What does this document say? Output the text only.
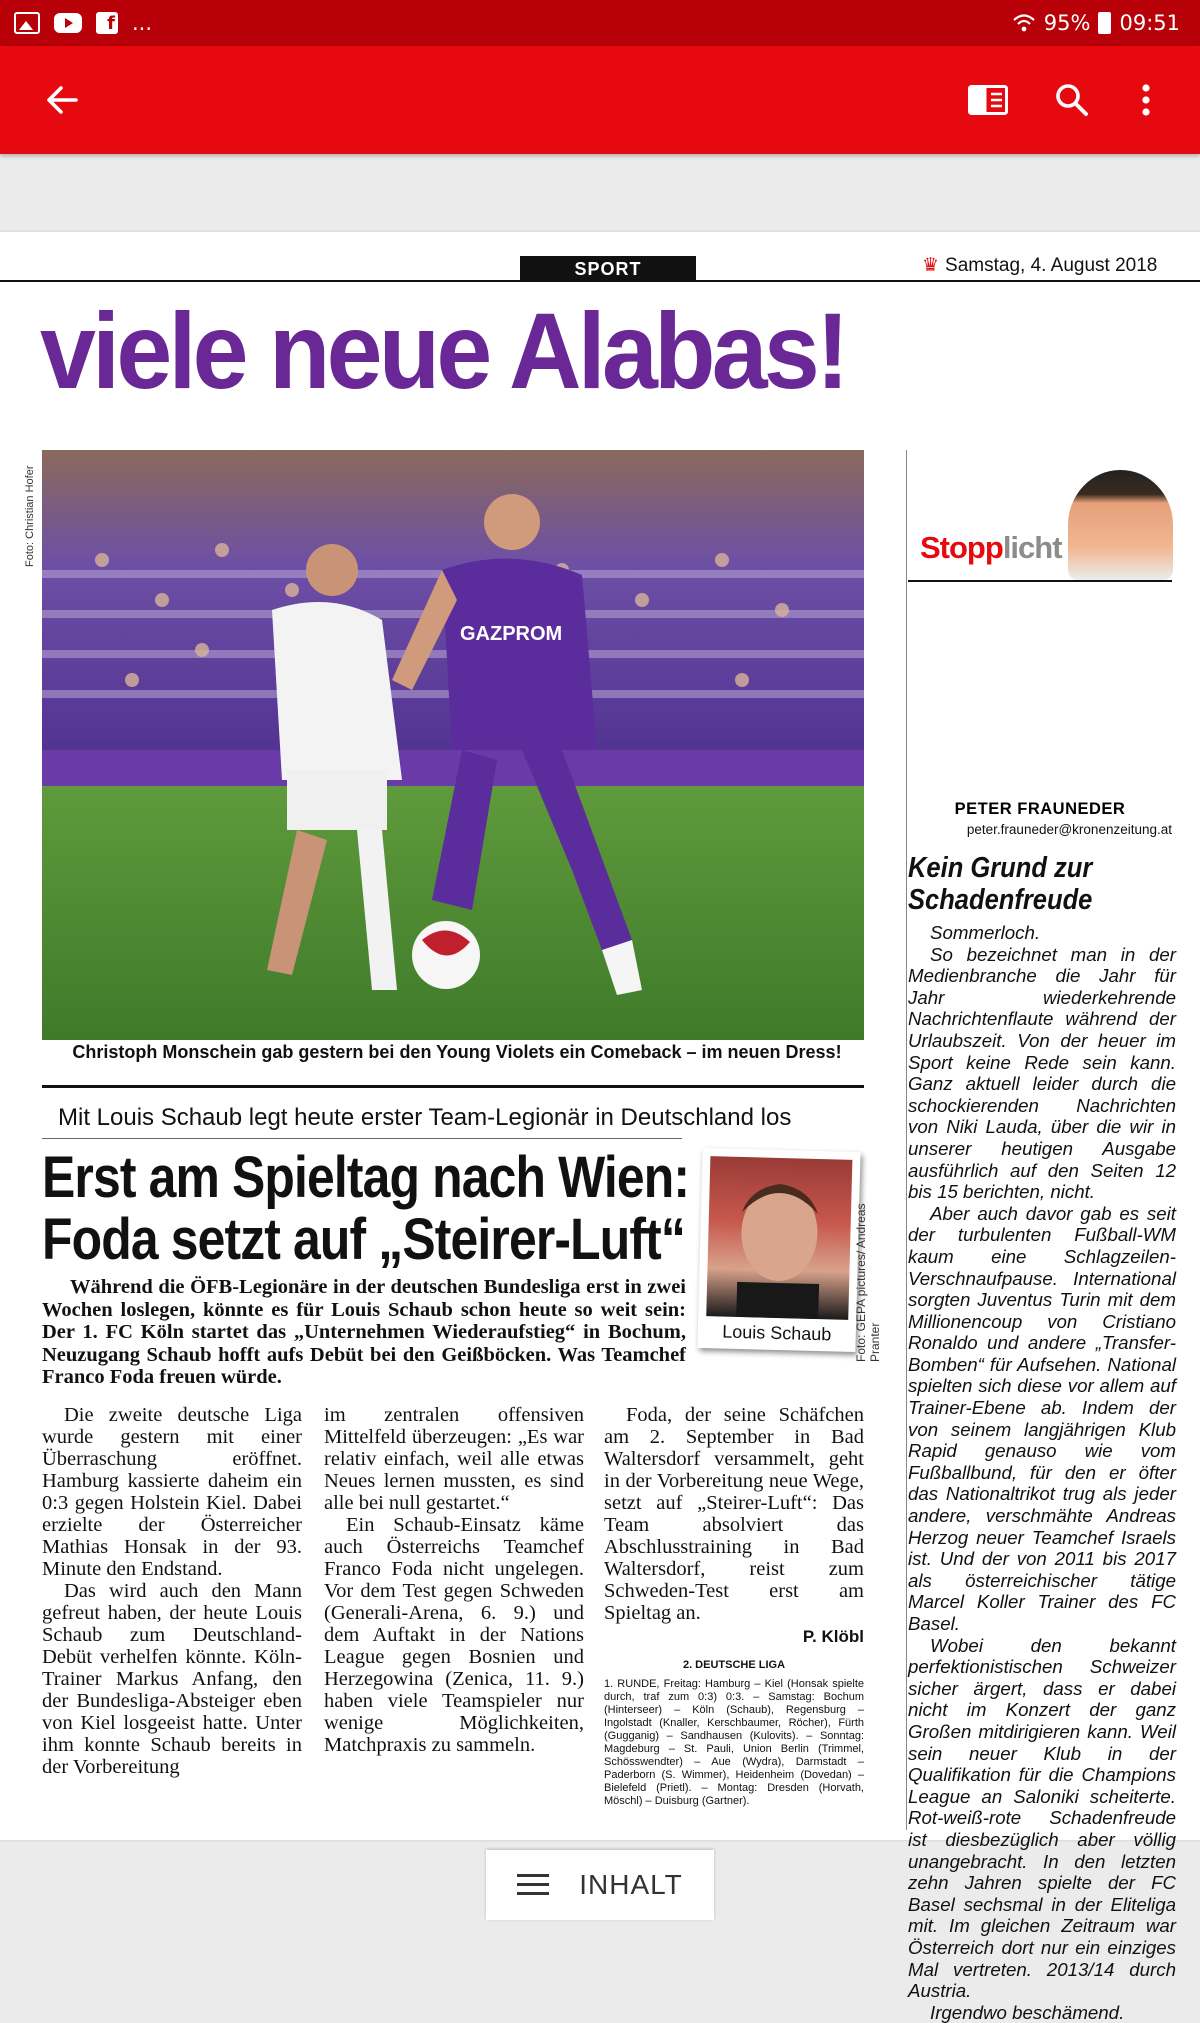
f ...	95% 09:51
SPORT	♛ Samstag, 4. August 2018
viele neue Alabas!
Foto: Christian Hofer
GAZPROM
Christoph Monschein gab gestern bei den Young Violets ein Comeback – im neuen Dress!
Mit Louis Schaub legt heute erster Team-Legionär in Deutschland los
Erst am Spieltag nach Wien:
Foda setzt auf „Steirer-Luft“
Während die ÖFB-Legionäre in der deutschen Bundesliga erst in zwei Wochen loslegen, könnte es für Louis Schaub schon heute so weit sein: Der 1. FC Köln startet das „Unternehmen Wiederaufstieg“ in Bochum, Neuzugang Schaub hofft aufs Debüt bei den Geißböcken. Was Teamchef Franco Foda freuen würde.
Louis Schaub	Foto: GEPA pictures/ Andreas Pranter

Die zweite deutsche Liga wurde gestern mit einer Überraschung eröffnet. Hamburg kassierte daheim ein 0:3 gegen Holstein Kiel. Dabei erzielte der Österreicher Mathias Honsak in der 93. Minute den Endstand.

Das wird auch den Mann gefreut haben, der heute Louis Schaub zum Deutschland-Debüt verhelfen könnte. Köln-Trainer Markus Anfang, den der Bundesliga-Absteiger eben von Kiel losgeeist hatte. Unter ihm konnte Schaub bereits in der Vorbereitung

im zentralen offensiven Mittelfeld überzeugen: „Es war relativ einfach, weil alle etwas Neues lernen mussten, es sind alle bei null gestartet.“

Ein Schaub-Einsatz käme auch Österreichs Teamchef Franco Foda nicht ungelegen. Vor dem Test gegen Schweden (Generali-Arena, 6. 9.) und dem Auftakt in der Nations League gegen Bosnien und Herzegowina (Zenica, 11. 9.) haben viele Teamspieler nur wenige Möglichkeiten, Matchpraxis zu sammeln.

Foda, der seine Schäfchen am 2. September in Bad Waltersdorf versammelt, geht in der Vorbereitung neue Wege, setzt auf „Steirer-Luft“: Das Team absolviert das Abschlusstraining in Bad Waltersdorf, reist zum Schweden-Test erst am Spieltag an.

P. Klöbl
2. DEUTSCHE LIGA
1. RUNDE, Freitag: Hamburg – Kiel (Honsak spielte durch, traf zum 0:3) 0:3. – Samstag: Bochum (Hinterseer) – Köln (Schaub), Regensburg – Ingolstadt (Knaller, Kerschbaumer, Röcher), Fürth (Gugganig) – Sandhausen (Kulovits). – Sonntag: Magdeburg – St. Pauli, Union Berlin (Trimmel, Schösswendter) – Aue (Wydra), Darmstadt – Paderborn (S. Wimmer), Heidenheim (Dovedan) – Bielefeld (Prietl). – Montag: Dresden (Horvath, Möschl) – Duisburg (Gartner).
Stopplicht
PETER FRAUNEDER
peter.frauneder@kronenzeitung.at
Kein Grund zur
Schadenfreude

Sommerloch.

So bezeichnet man in der Medienbranche die Jahr für Jahr wiederkehrende Nachrichtenflaute während der Urlaubszeit. Von der heuer im Sport keine Rede sein kann. Ganz aktuell leider durch die schockierenden Nachrichten von Niki Lauda, über die wir in unserer heutigen Ausgabe ausführlich auf den Seiten 12 bis 15 berichten, nicht.

Aber auch davor gab es seit der turbulenten Fußball-WM kaum eine Schlagzeilen-Verschnaufpause. International sorgten Juventus Turin mit dem Millionencoup von Cristiano Ronaldo und andere „Transfer-Bomben“ für Aufsehen. National spielten sich diese vor allem auf Trainer-Ebene ab. Indem der von seinem langjährigen Klub Rapid genauso wie vom Fußballbund, für den er öfter das Nationaltrikot trug als jeder andere, verschmähte Andreas Herzog neuer Teamchef Israels ist. Und der von 2011 bis 2017 als österreichischer tätige Marcel Koller Trainer des FC Basel.

Wobei den bekannt perfektionistischen Schweizer sicher ärgert, dass er dabei nicht im Konzert der ganz Großen mitdirigieren kann. Weil sein neuer Klub in der Qualifikation für die Champions League an Saloniki scheiterte. Rot-weiß-rote Schadenfreude ist diesbezüglich aber völlig unangebracht. In den letzten zehn Jahren spielte der FC Basel sechsmal in der Eliteliga mit. Im gleichen Zeitraum war Österreich dort nur ein einziges Mal vertreten. 2013/14 durch Austria.

Irgendwo beschämend.

INHALT
